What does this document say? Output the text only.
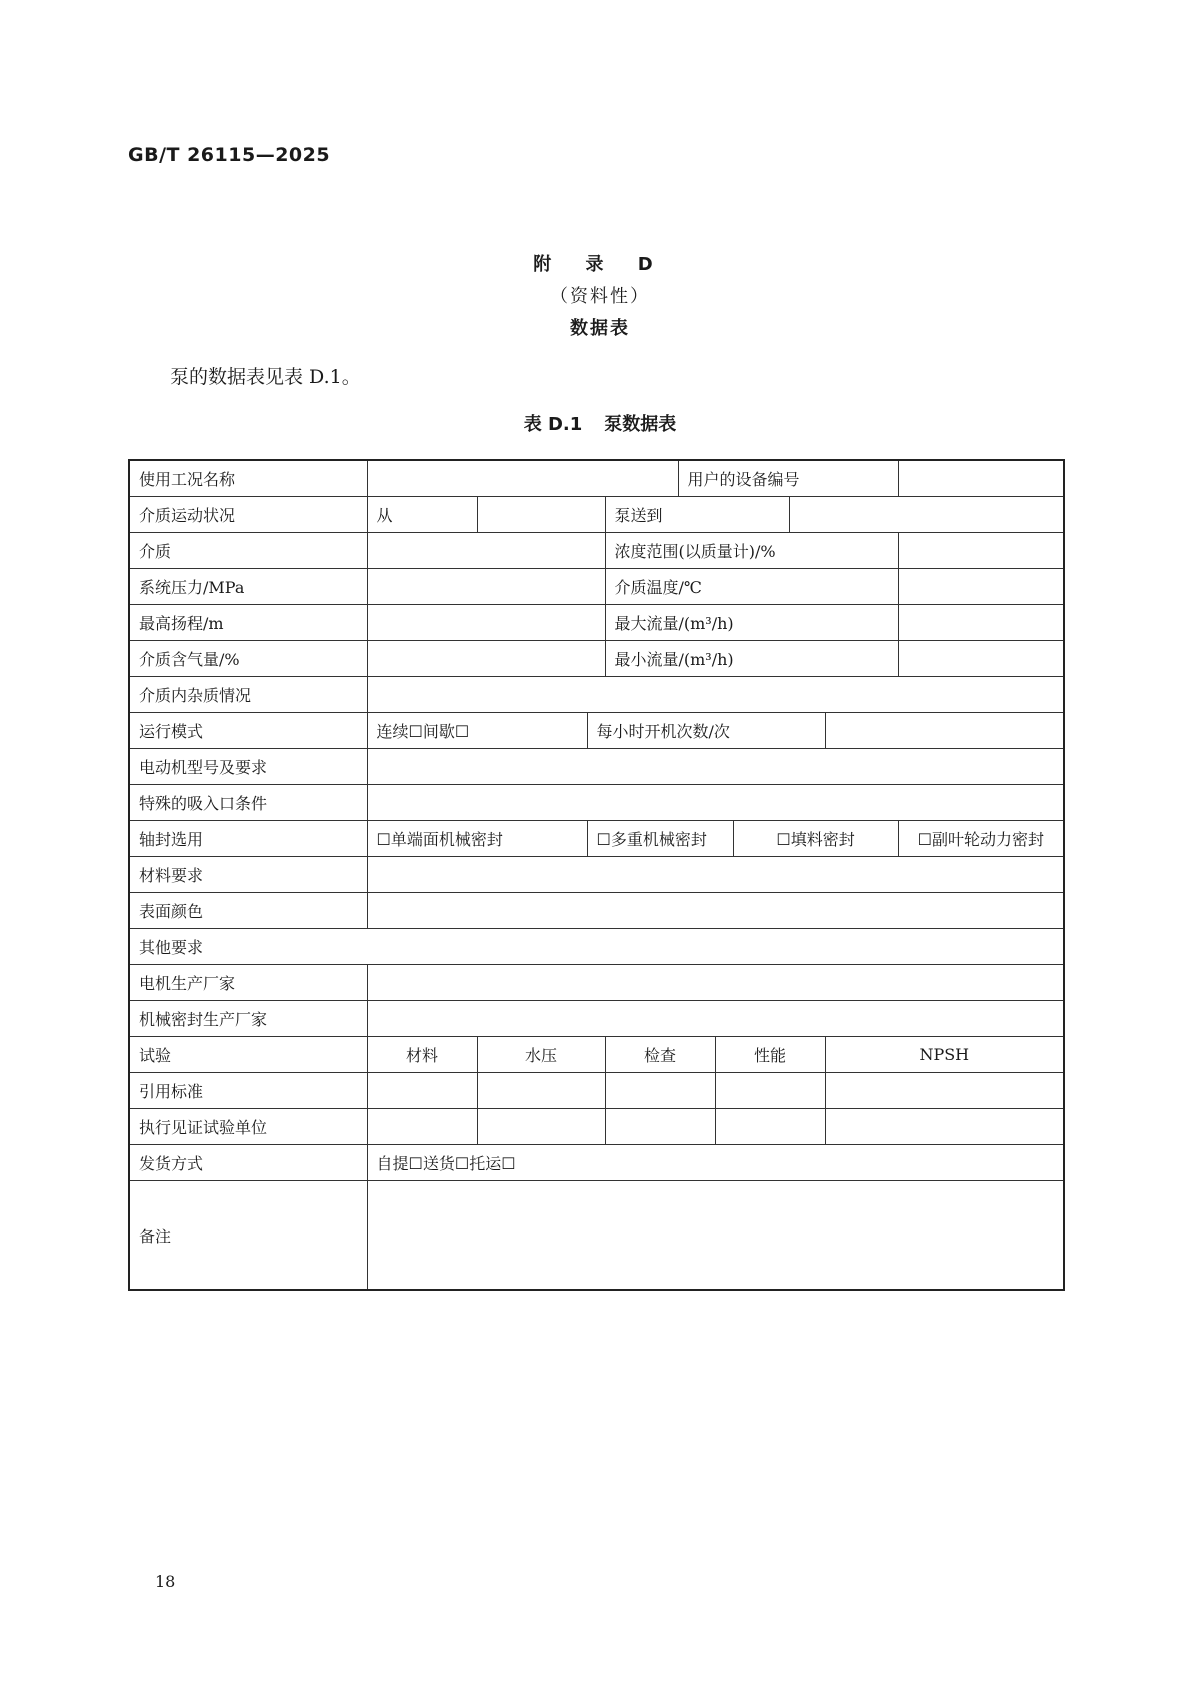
GB/T 26115—2025
附 录 D
（资料性）
数据表
泵的数据表见表 D.1。
表 D.1 泵数据表
使用工况名称					用户的设备编号					
介质运动状况	从			泵送到						
介质				浓度范围(以质量计)/%						
系统压力/MPa				介质温度/℃						
最高扬程/m				最大流量/(m³/h)						
介质含气量/%				最小流量/(m³/h)						
介质内杂质情况										
运行模式	连续☐间歇☐		每小时开机次数/次							
电动机型号及要求										
特殊的吸入口条件										
轴封选用	☐单端面机械密封		☐多重机械密封				☐填料密封			☐副叶轮动力密封
材料要求										
表面颜色										
其他要求										
电机生产厂家										
机械密封生产厂家										
试验	材料	水压		检查		性能			NPSH	
引用标准										
执行见证试验单位										
发货方式	自提☐送货☐托运☐									
备注										
18
